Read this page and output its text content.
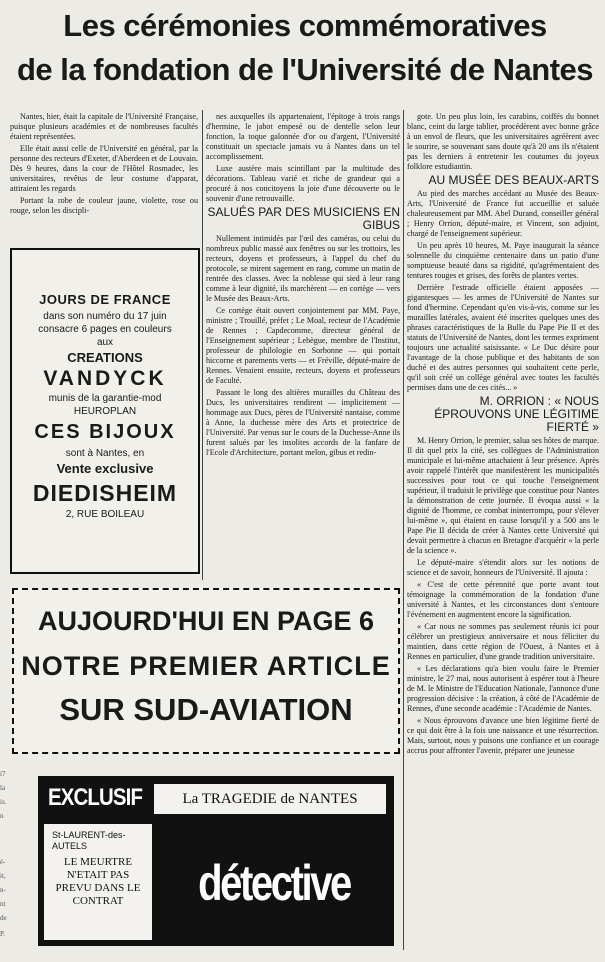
Les cérémonies commémoratives
de la fondation de l'Université de Nantes

Nantes, hier, était la capitale de l'Université Française, puisque plusieurs académies et de nombreuses facultés étaient représentées.

Elle était aussi celle de l'Université en général, par la personne des recteurs d'Exeter, d'Aberdeen et de Louvain. Dès 9 heures, dans la cour de l'Hôtel Rosmadec, les universitaires, revêtus de leur costume d'apparat, attiraient les regards

Portant la robe de couleur jaune, violette, rose ou rouge, selon les discipli-

nes auxquelles ils appartenaient, l'épitoge à trois rangs d'hermine, le jabot empesé ou de dentelle selon leur fonction, la toque galonnée d'or ou d'argent, l'Université constituait un spectacle jamais vu à Nantes dans un tel accomplissement.

Luxe austère mais scintillant par la multitude des décorations. Tableau varié et riche de grandeur qui a procuré à nos concitoyens la joie d'une découverte ou le souvenir d'une retrouvaille.

SALUÉS PAR DES MUSICIENS EN GIBUS

Nullement intimidés par l'œil des caméras, ou celui du nombreux public massé aux fenêtres ou sur les trottoirs, les recteurs, doyens et professeurs, à l'appel du chef du protocole, se mirent sagement en rang, comme un matin de rentrée des classes. Avec la noblesse qui sied à leur rang comme à leur dignité, ils marchèrent — en cortège — vers le Musée des Beaux-Arts.

Ce cortège était ouvert conjointement par MM. Paye, ministre ; Trouillé, préfet ; Le Moal, recteur de l'Académie de Rennes ; Capdecomme, directeur général de l'Enseignement supérieur ; Lebègue, membre de l'Institut, professeur de philologie en Sorbonne — qui portait hiccorne et parements verts — et Fréville, député-maire de Rennes. Venaient ensuite, recteurs, doyens et professeurs de Faculté.

Passant le long des altières murailles du Château des Ducs, les universitaires rendirent — implicitement — hommage aux Ducs, pères de l'Université nantaise, comme à Anne, la duchesse mère des Arts et protectrice de l'Université. Par venus sur le cours de la Duchesse-Anne ils furent salués par les insolites accords de la fanfare de l'Ecole d'Architecture, portant melon, gibus et redin-

gote. Un peu plus loin, les carabins, coiffés du bonnet blanc, ceint du large tablier, procédèrent avec bonne grâce à un envol de fleurs, que les universitaires agréèrent avec le sourire, se souvenant sans doute qu'à 20 ans ils n'étaient pas les derniers à entretenir les coutumes du joyeux folklore estudiantin.

AU MUSÉE DES BEAUX-ARTS

Au pied des marches accédant au Musée des Beaux-Arts, l'Université de France fut accueillie et saluée chaleureusement par MM. Abel Durand, conseiller général ; Henry Orrion, député-maire, et Vincent, son adjoint, chargé de l'enseignement supérieur.

Un peu après 10 heures, M. Paye inaugurait la séance solennelle du cinquième centenaire dans un patio d'une somptueuse beauté dans sa rigidité, qu'agrémentaient des tentures rouges et grises, des forêts de plantes vertes.

Derrière l'estrade officielle étaient apposées — gigantesques — les armes de l'Université de Nantes sur fond d'hermine. Cependant qu'en vis-à-vis, comme sur les murailles latérales, avaient été inscrites quelques unes des phrases caractéristiques de la Bulle du Pape Pie II et des statuts de l'Université de Nantes, dont les termes expriment toujours une actualité saisissante. « Le Duc désire pour l'avantage de la chose publique et des habitants de son duché et des autres personnes qui souhaitent cette perle, qu'il soit créé un collège général avec toutes les facultés permises dans une de ces cités... »

M. ORRION : « NOUS ÉPROUVONS UNE LÉGITIME FIERTÉ »

M. Henry Orrion, le premier, salua ses hôtes de marque. Il dit quel prix la cité, ses collègues de l'Administration municipale et lui-même attachaient à leur présence. Après avoir rappelé l'intérêt que manifestèrent les municipalités successives pour tout ce qui touche l'enseignement supérieur, il traduisit le privilège que constitue pour Nantes la démonstration de cette journée. Il évoqua aussi « la dignité de l'homme, ce combat ininterrompu, pour s'élever lui-même », qui étaient en cause lorsqu'il y a 500 ans le Pape Pie II décida de créer à Nantes cette Université qui devait permettre à chacun en Bretagne d'acquérir « la perle de la science ».

Le député-maire s'étendit alors sur les notions de science et de savoir, honneurs de l'Université. Il ajouta :

« C'est de cette pérennité que porte avant tout témoignage la commémoration de la fondation d'une université à Nantes, et les circonstances dont s'entoure l'événement en augmentent encore la signification.

« Car nous ne sommes pas seulement réunis ici pour célébrer un prestigieux anniversaire et nous féliciter du maintien, dans cette région de l'Ouest, à Nantes et à Rennes en particulier, d'une grande tradition universitaire.

« Les déclarations qu'a bien voulu faire le Premier ministre, le 27 mai, nous autorisent à espérer tout à l'heure de M. le Ministre de l'Education Nationale, l'annonce d'une progression décisive : la création, à côté de l'Académie de Rennes, d'une seconde académie : l'Académie de Nantes.

« Nous éprouvons d'avance une bien légitime fierté de ce qui doit être à la fois une naissance et une résurrection. Mais, surtout, nous y puisons une confiance et un courage accrus pour affronter l'avenir, préparer une jeunesse

JOURS DE FRANCE
dans son numéro du 17 juin
consacre 6 pages en couleurs
aux
CREATIONS
VANDYCK
munis de la garantie-mod
HEUROPLAN
CES BIJOUX
sont à Nantes, en
Vente exclusive
DIEDISHEIM
2, RUE BOILEAU
AUJOURD'HUI EN PAGE 6
NOTRE PREMIER ARTICLE
SUR SUD-AVIATION
EXCLUSIF	La TRAGEDIE de NANTES
St-LAURENT-des-AUTELS
LE MEURTRE N'ETAIT PAS PREVU DANS LE CONTRAT	détective
i7
la
is.
n
é-
it,
n-
nt
de
P.
